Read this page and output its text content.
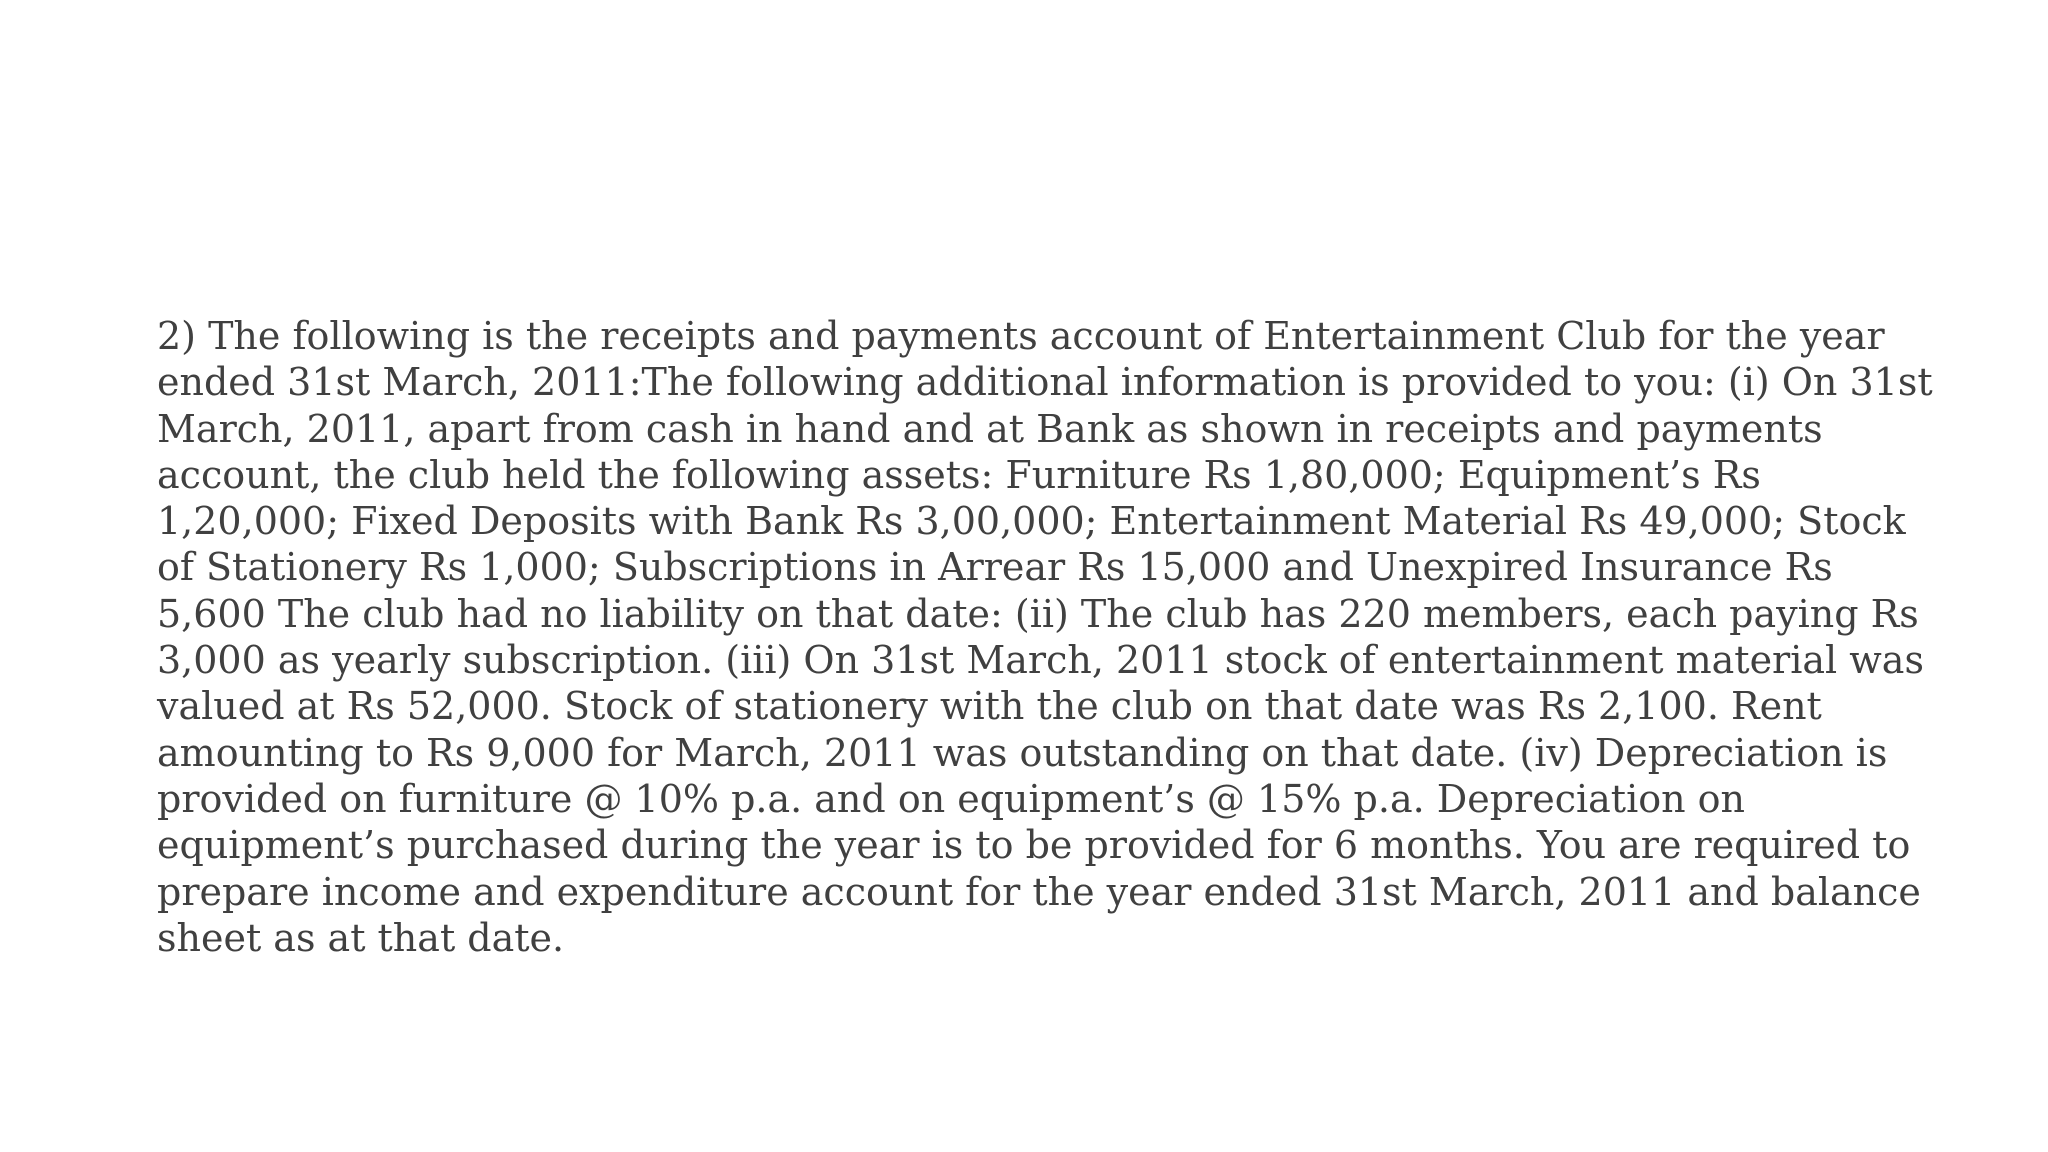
2) The following is the receipts and payments account of Entertainment Club for the year
ended 31st March, 2011:The following additional information is provided to you: (i) On 31st
March, 2011, apart from cash in hand and at Bank as shown in receipts and payments
account, the club held the following assets: Furniture Rs 1,80,000; Equipment’s Rs
1,20,000; Fixed Deposits with Bank Rs 3,00,000; Entertainment Material Rs 49,000; Stock
of Stationery Rs 1,000; Subscriptions in Arrear Rs 15,000 and Unexpired Insurance Rs
5,600 The club had no liability on that date: (ii) The club has 220 members, each paying Rs
3,000 as yearly subscription. (iii) On 31st March, 2011 stock of entertainment material was
valued at Rs 52,000. Stock of stationery with the club on that date was Rs 2,100. Rent
amounting to Rs 9,000 for March, 2011 was outstanding on that date. (iv) Depreciation is
provided on furniture @ 10% p.a. and on equipment’s @ 15% p.a. Depreciation on
equipment’s purchased during the year is to be provided for 6 months. You are required to
prepare income and expenditure account for the year ended 31st March, 2011 and balance
sheet as at that date.
